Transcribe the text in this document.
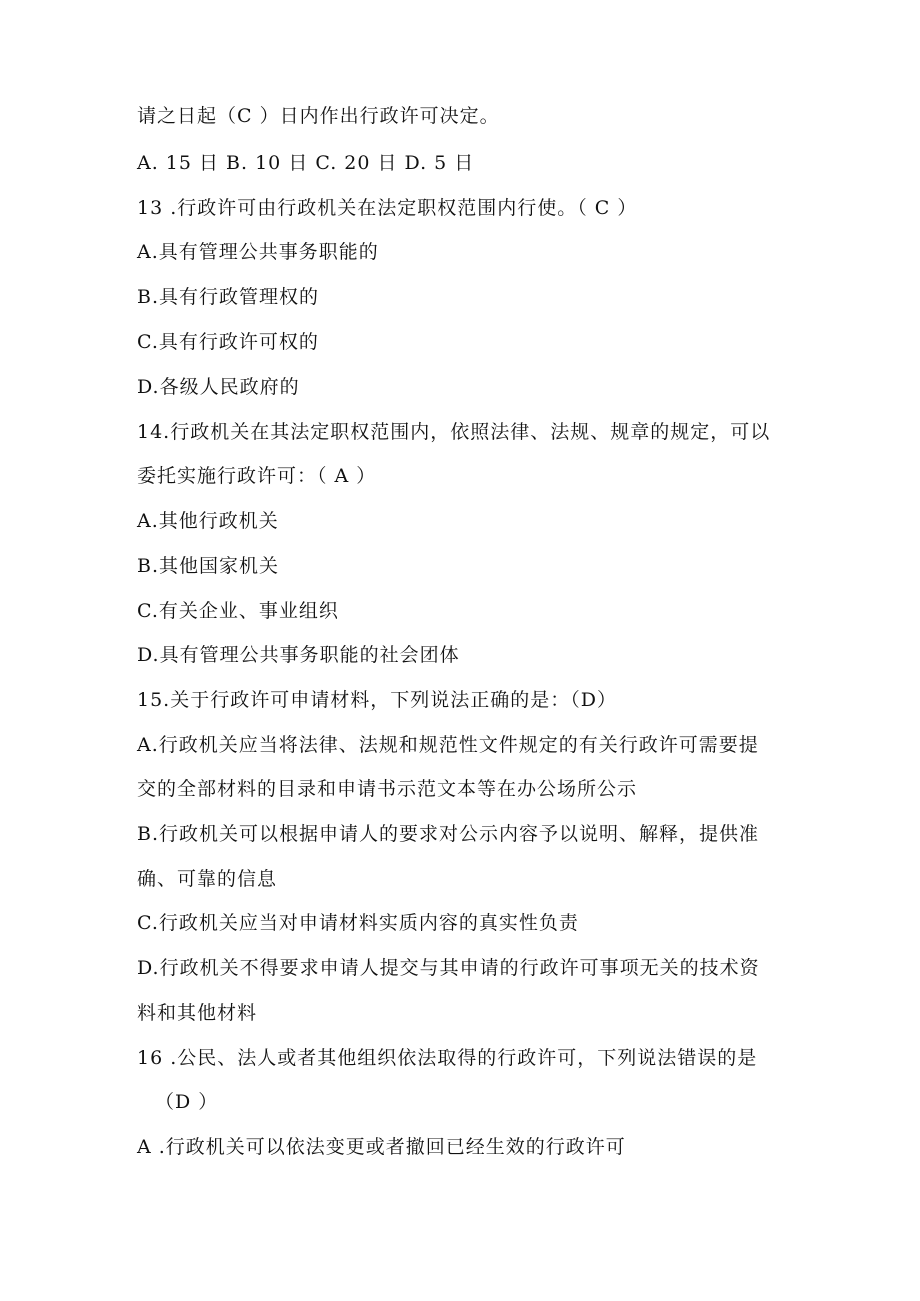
请之日起（C ）日内作出行政许可决定。
A. 15 日 B. 10 日 C. 20 日 D. 5 日
13 .行政许可由行政机关在法定职权范围内行使。（ C ）
A.具有管理公共事务职能的
B.具有行政管理权的
C.具有行政许可权的
D.各级人民政府的
14.行政机关在其法定职权范围内，依照法律、法规、规章的规定，可以
委托实施行政许可：（ A ）
A.其他行政机关
B.其他国家机关
C.有关企业、事业组织
D.具有管理公共事务职能的社会团体
15.关于行政许可申请材料，下列说法正确的是：（D）
A.行政机关应当将法律、法规和规范性文件规定的有关行政许可需要提
交的全部材料的目录和申请书示范文本等在办公场所公示
B.行政机关可以根据申请人的要求对公示内容予以说明、解释，提供准
确、可靠的信息
C.行政机关应当对申请材料实质内容的真实性负责
D.行政机关不得要求申请人提交与其申请的行政许可事项无关的技术资
料和其他材料
16 .公民、法人或者其他组织依法取得的行政许可，下列说法错误的是
（D ）
A .行政机关可以依法变更或者撤回已经生效的行政许可
